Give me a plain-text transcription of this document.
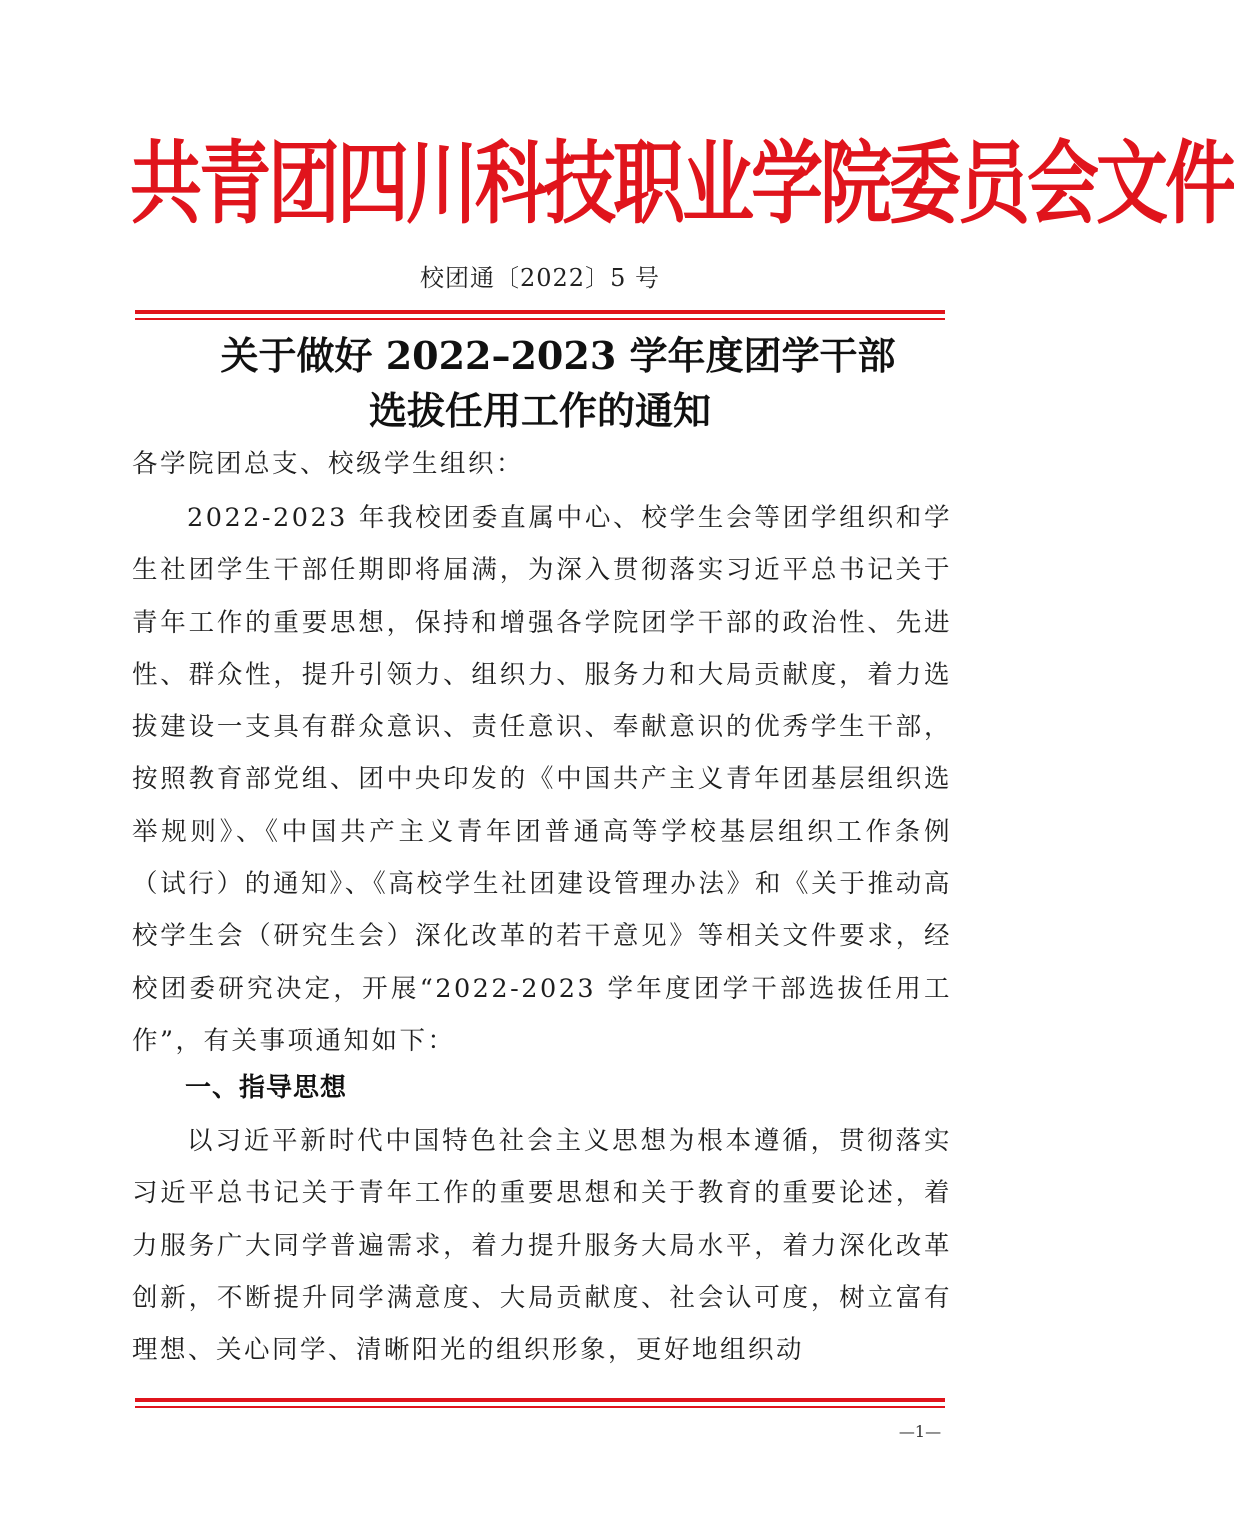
共青团四川科技职业学院委员会文件
校团通〔2022〕5 号
关于做好 2022–2023 学年度团学干部
选拔任用工作的通知
各学院团总支、校级学生组织：
2022-2023 年我校团委直属中心、校学生会等团学组织和学生社团学生干部任期即将届满，为深入贯彻落实习近平总书记关于青年工作的重要思想，保持和增强各学院团学干部的政治性、先进性、群众性，提升引领力、组织力、服务力和大局贡献度，着力选拔建设一支具有群众意识、责任意识、奉献意识的优秀学生干部，按照教育部党组、团中央印发的《中国共产主义青年团基层组织选举规则》、《中国共产主义青年团普通高等学校基层组织工作条例（试行）的通知》、《高校学生社团建设管理办法》和《关于推动高校学生会（研究生会）深化改革的若干意见》等相关文件要求，经校团委研究决定，开展“2022-2023 学年度团学干部选拔任用工作”，有关事项通知如下：
一、指导思想
以习近平新时代中国特色社会主义思想为根本遵循，贯彻落实习近平总书记关于青年工作的重要思想和关于教育的重要论述，着力服务广大同学普遍需求，着力提升服务大局水平，着力深化改革创新，不断提升同学满意度、大局贡献度、社会认可度，树立富有理想、关心同学、清晰阳光的组织形象，更好地组织动
—1—
